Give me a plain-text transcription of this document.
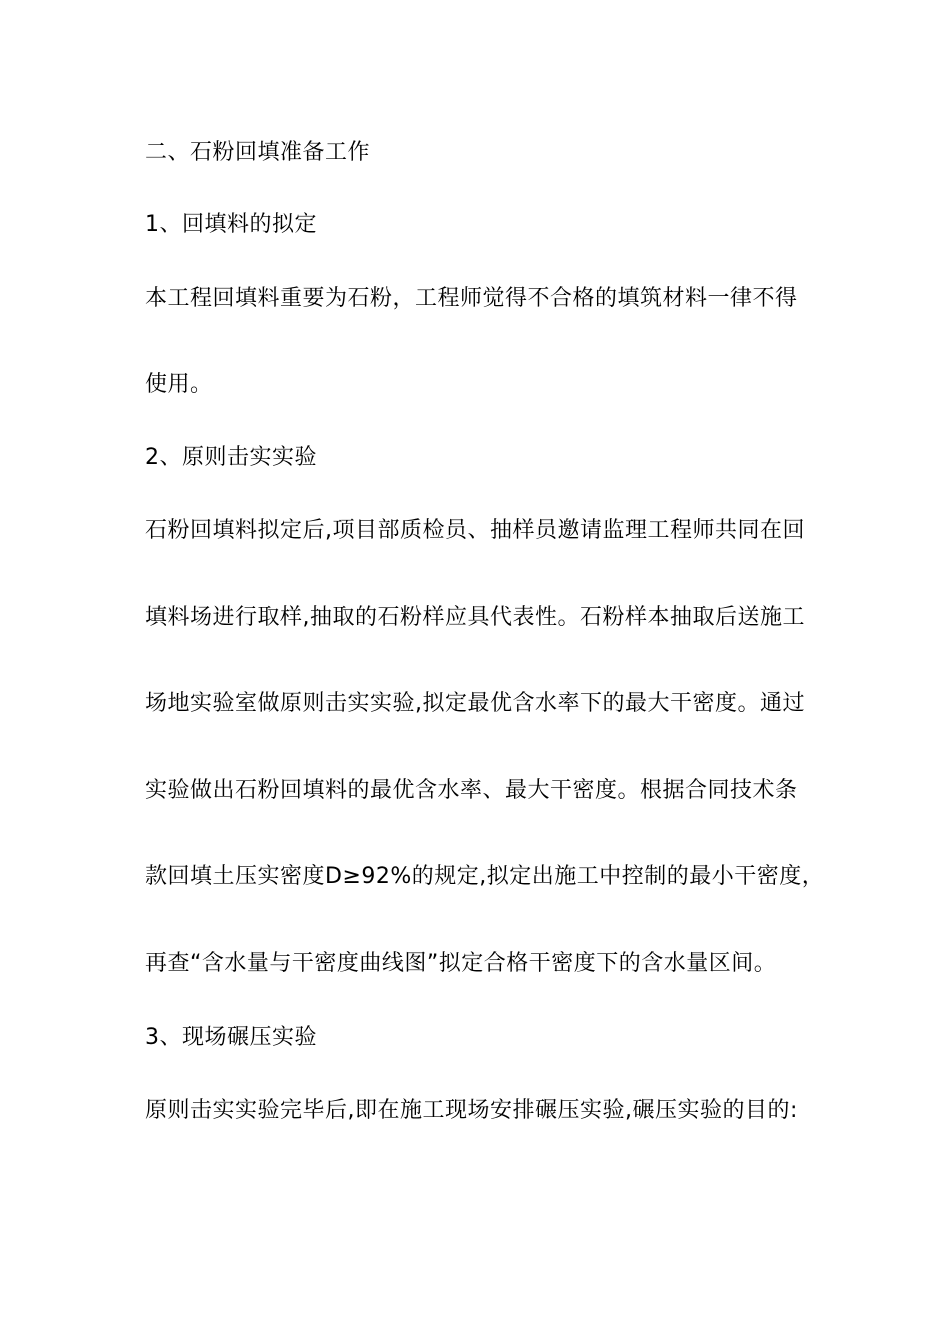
二、石粉回填准备工作
1、回填料的拟定
本工程回填料重要为石粉，工程师觉得不合格的填筑材料一律不得
使用。
2、原则击实实验
石粉回填料拟定后,项目部质检员、抽样员邀请监理工程师共同在回
填料场进行取样,抽取的石粉样应具代表性。石粉样本抽取后送施工
场地实验室做原则击实实验,拟定最优含水率下的最大干密度。通过
实验做出石粉回填料的最优含水率、最大干密度。根据合同技术条
款回填土压实密度D≥92%的规定,拟定出施工中控制的最小干密度，
再查“含水量与干密度曲线图”拟定合格干密度下的含水量区间。
3、现场碾压实验
原则击实实验完毕后,即在施工现场安排碾压实验,碾压实验的目的:
